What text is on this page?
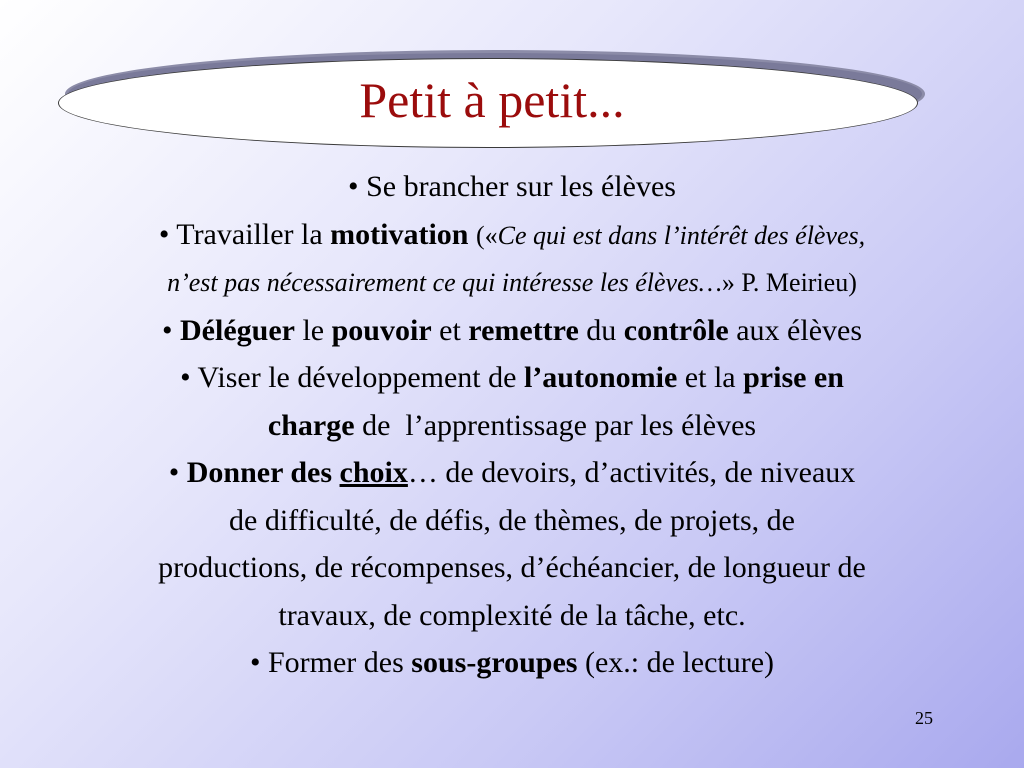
Petit à petit...
• Se brancher sur les élèves
• Travailler la motivation («Ce qui est dans l’intérêt des élèves,
n’est pas nécessairement ce qui intéresse les élèves…» P. Meirieu)
• Déléguer le pouvoir et remettre du contrôle aux élèves
• Viser le développement de l’autonomie et la prise en
charge de  l’apprentissage par les élèves
• Donner des choix… de devoirs, d’activités, de niveaux
de difficulté, de défis, de thèmes, de projets, de
productions, de récompenses, d’échéancier, de longueur de
travaux, de complexité de la tâche, etc.
• Former des sous-groupes (ex.: de lecture)
25
